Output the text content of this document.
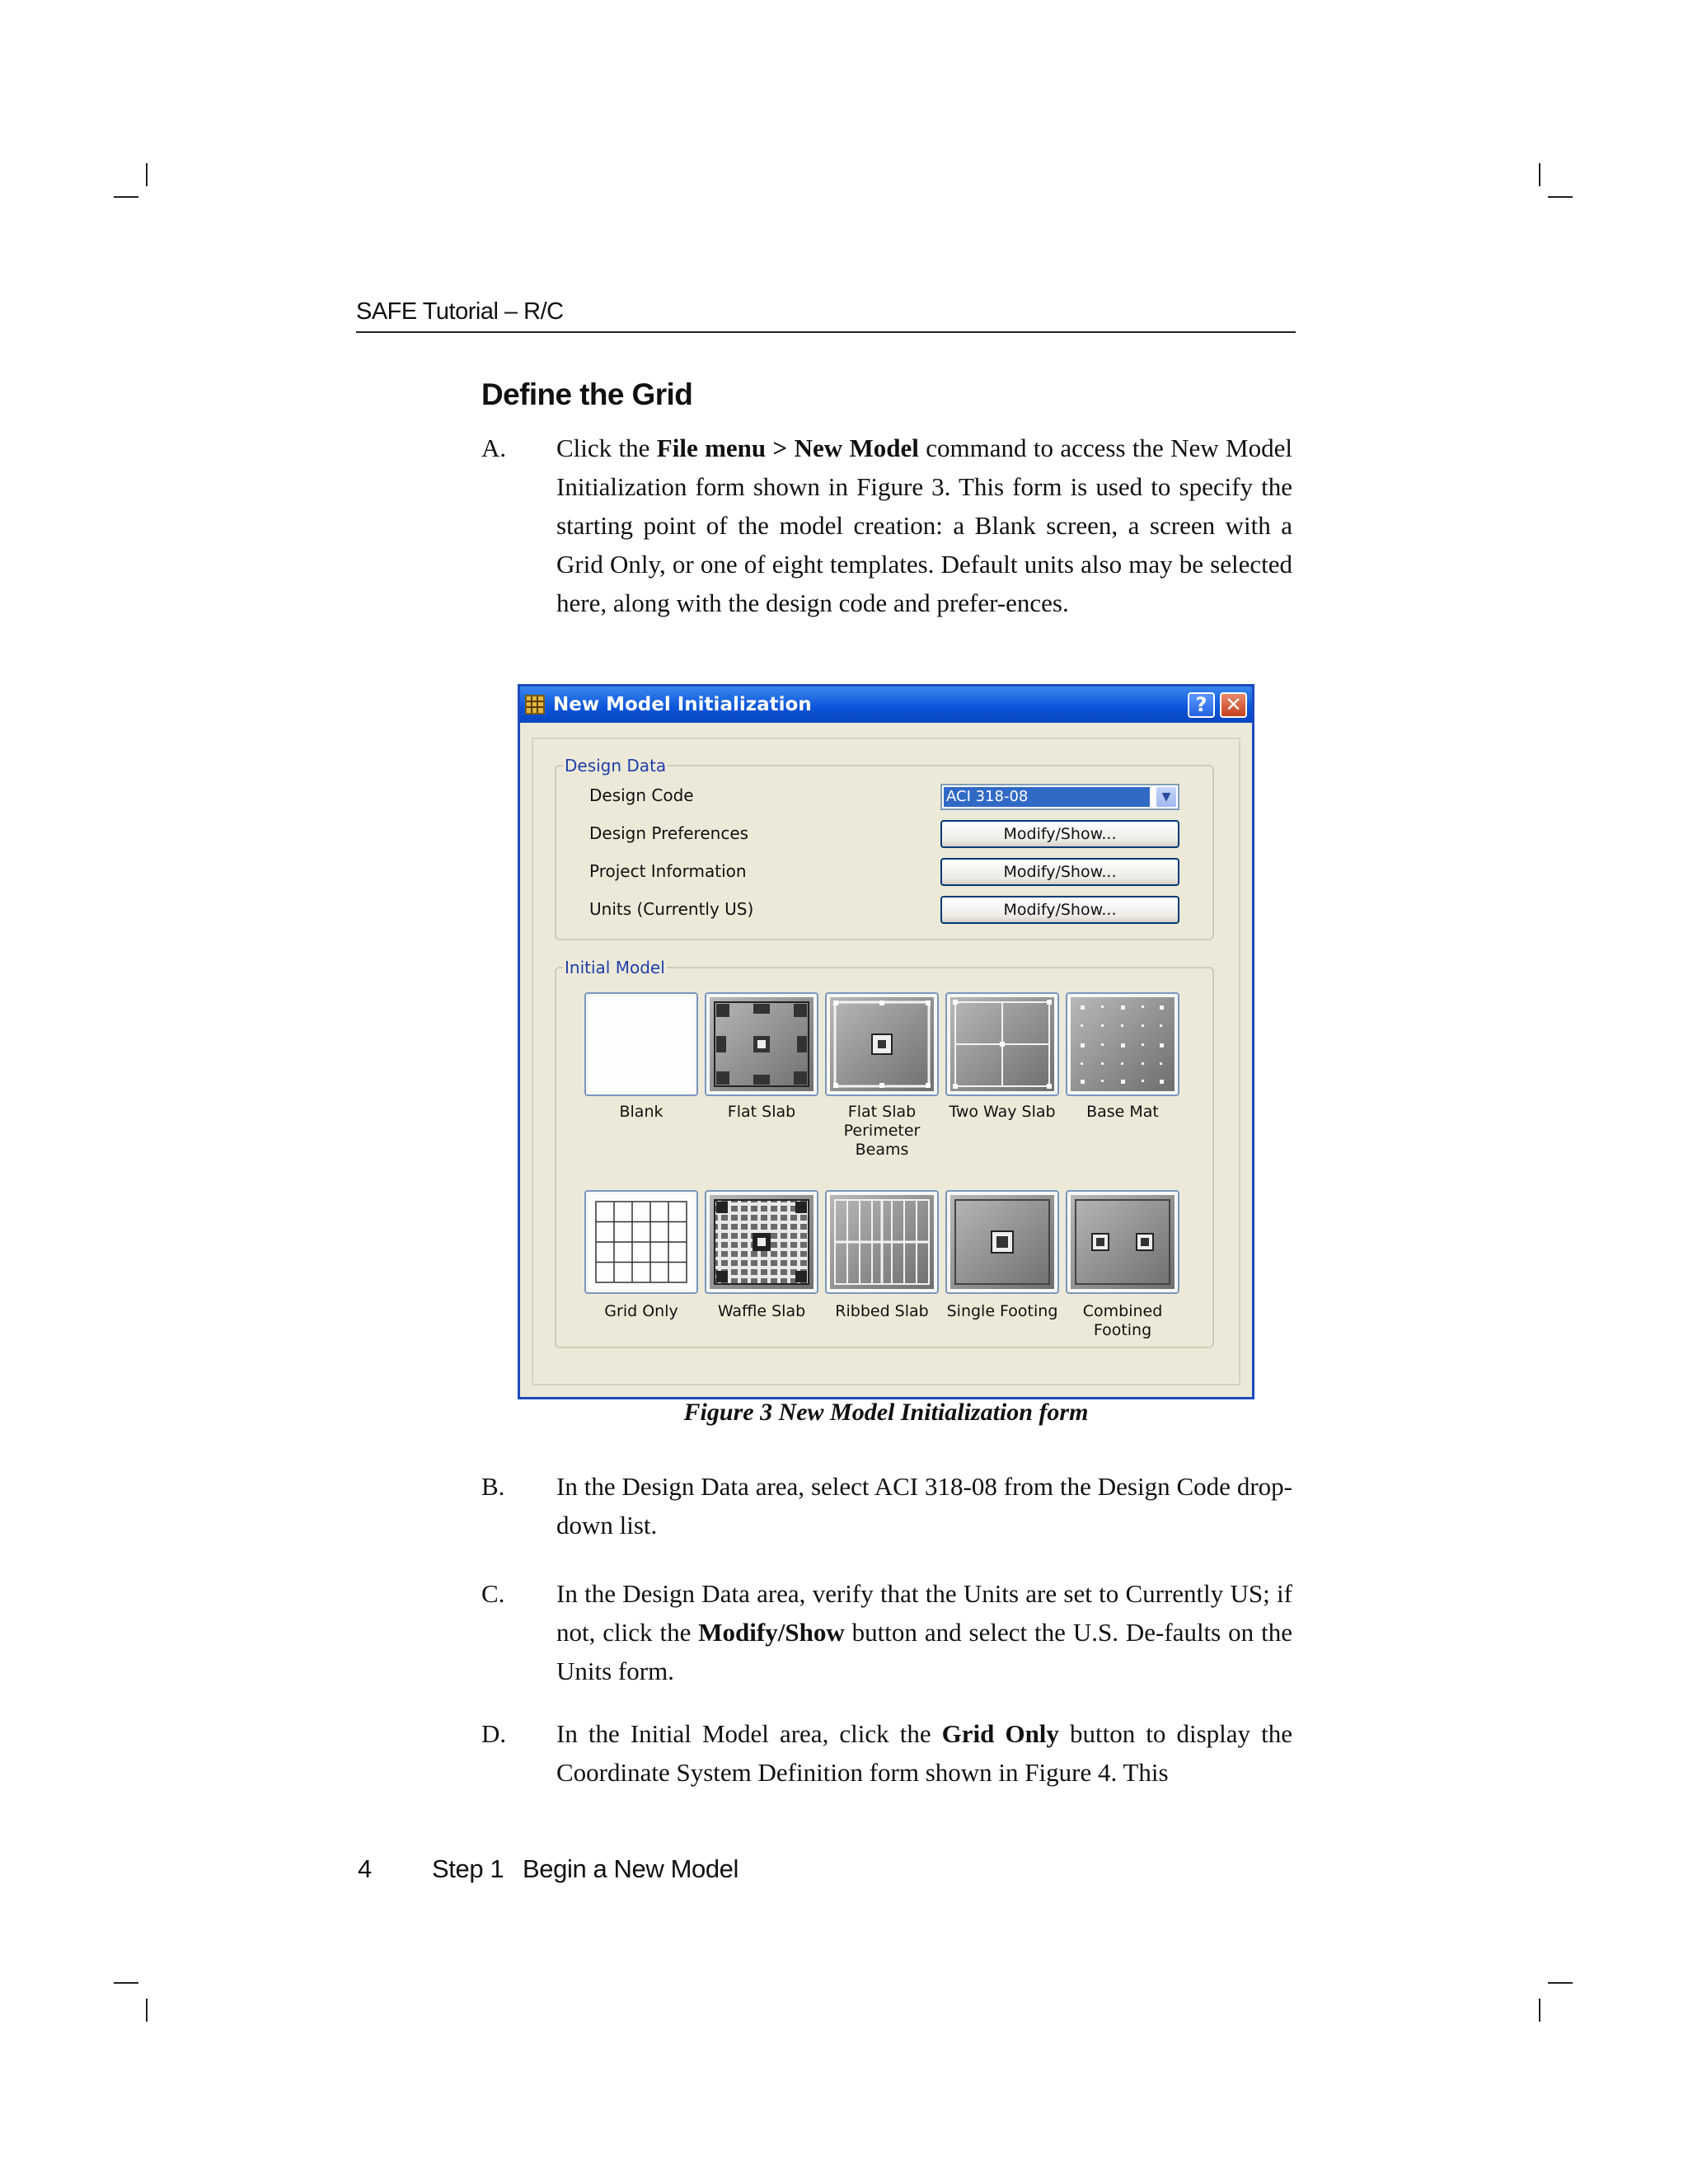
SAFE Tutorial – R/C
Define the Grid
A.	Click the File menu > New Model command to access the New Model Initialization form shown in Figure 3. This form is used to specify the starting point of the model creation: a Blank screen, a screen with a Grid Only, or one of eight templates. Default units also may be selected here, along with the design code and prefer-ences.
New Model Initialization	? ✕
Design Data
Design Code	ACI 318-08	▼
Design Preferences	Modify/Show...
Project Information	Modify/Show...
Units (Currently US)	Modify/Show...
Initial Model
Blank	Flat Slab	Flat Slab
Perimeter
Beams
Two Way Slab	Base Mat
Grid Only	Waffle Slab	Ribbed Slab	Single Footing	Combined
Footing
Figure 3 New Model Initialization form
B.	In the Design Data area, select ACI 318-08 from the Design Code drop-down list.
C.	In the Design Data area, verify that the Units are set to Currently US; if not, click the Modify/Show button and select the U.S. De-faults on the Units form.
D.	In the Initial Model area, click the Grid Only button to display the Coordinate System Definition form shown in Figure 4. This
4 Step 1 Begin a New Model
